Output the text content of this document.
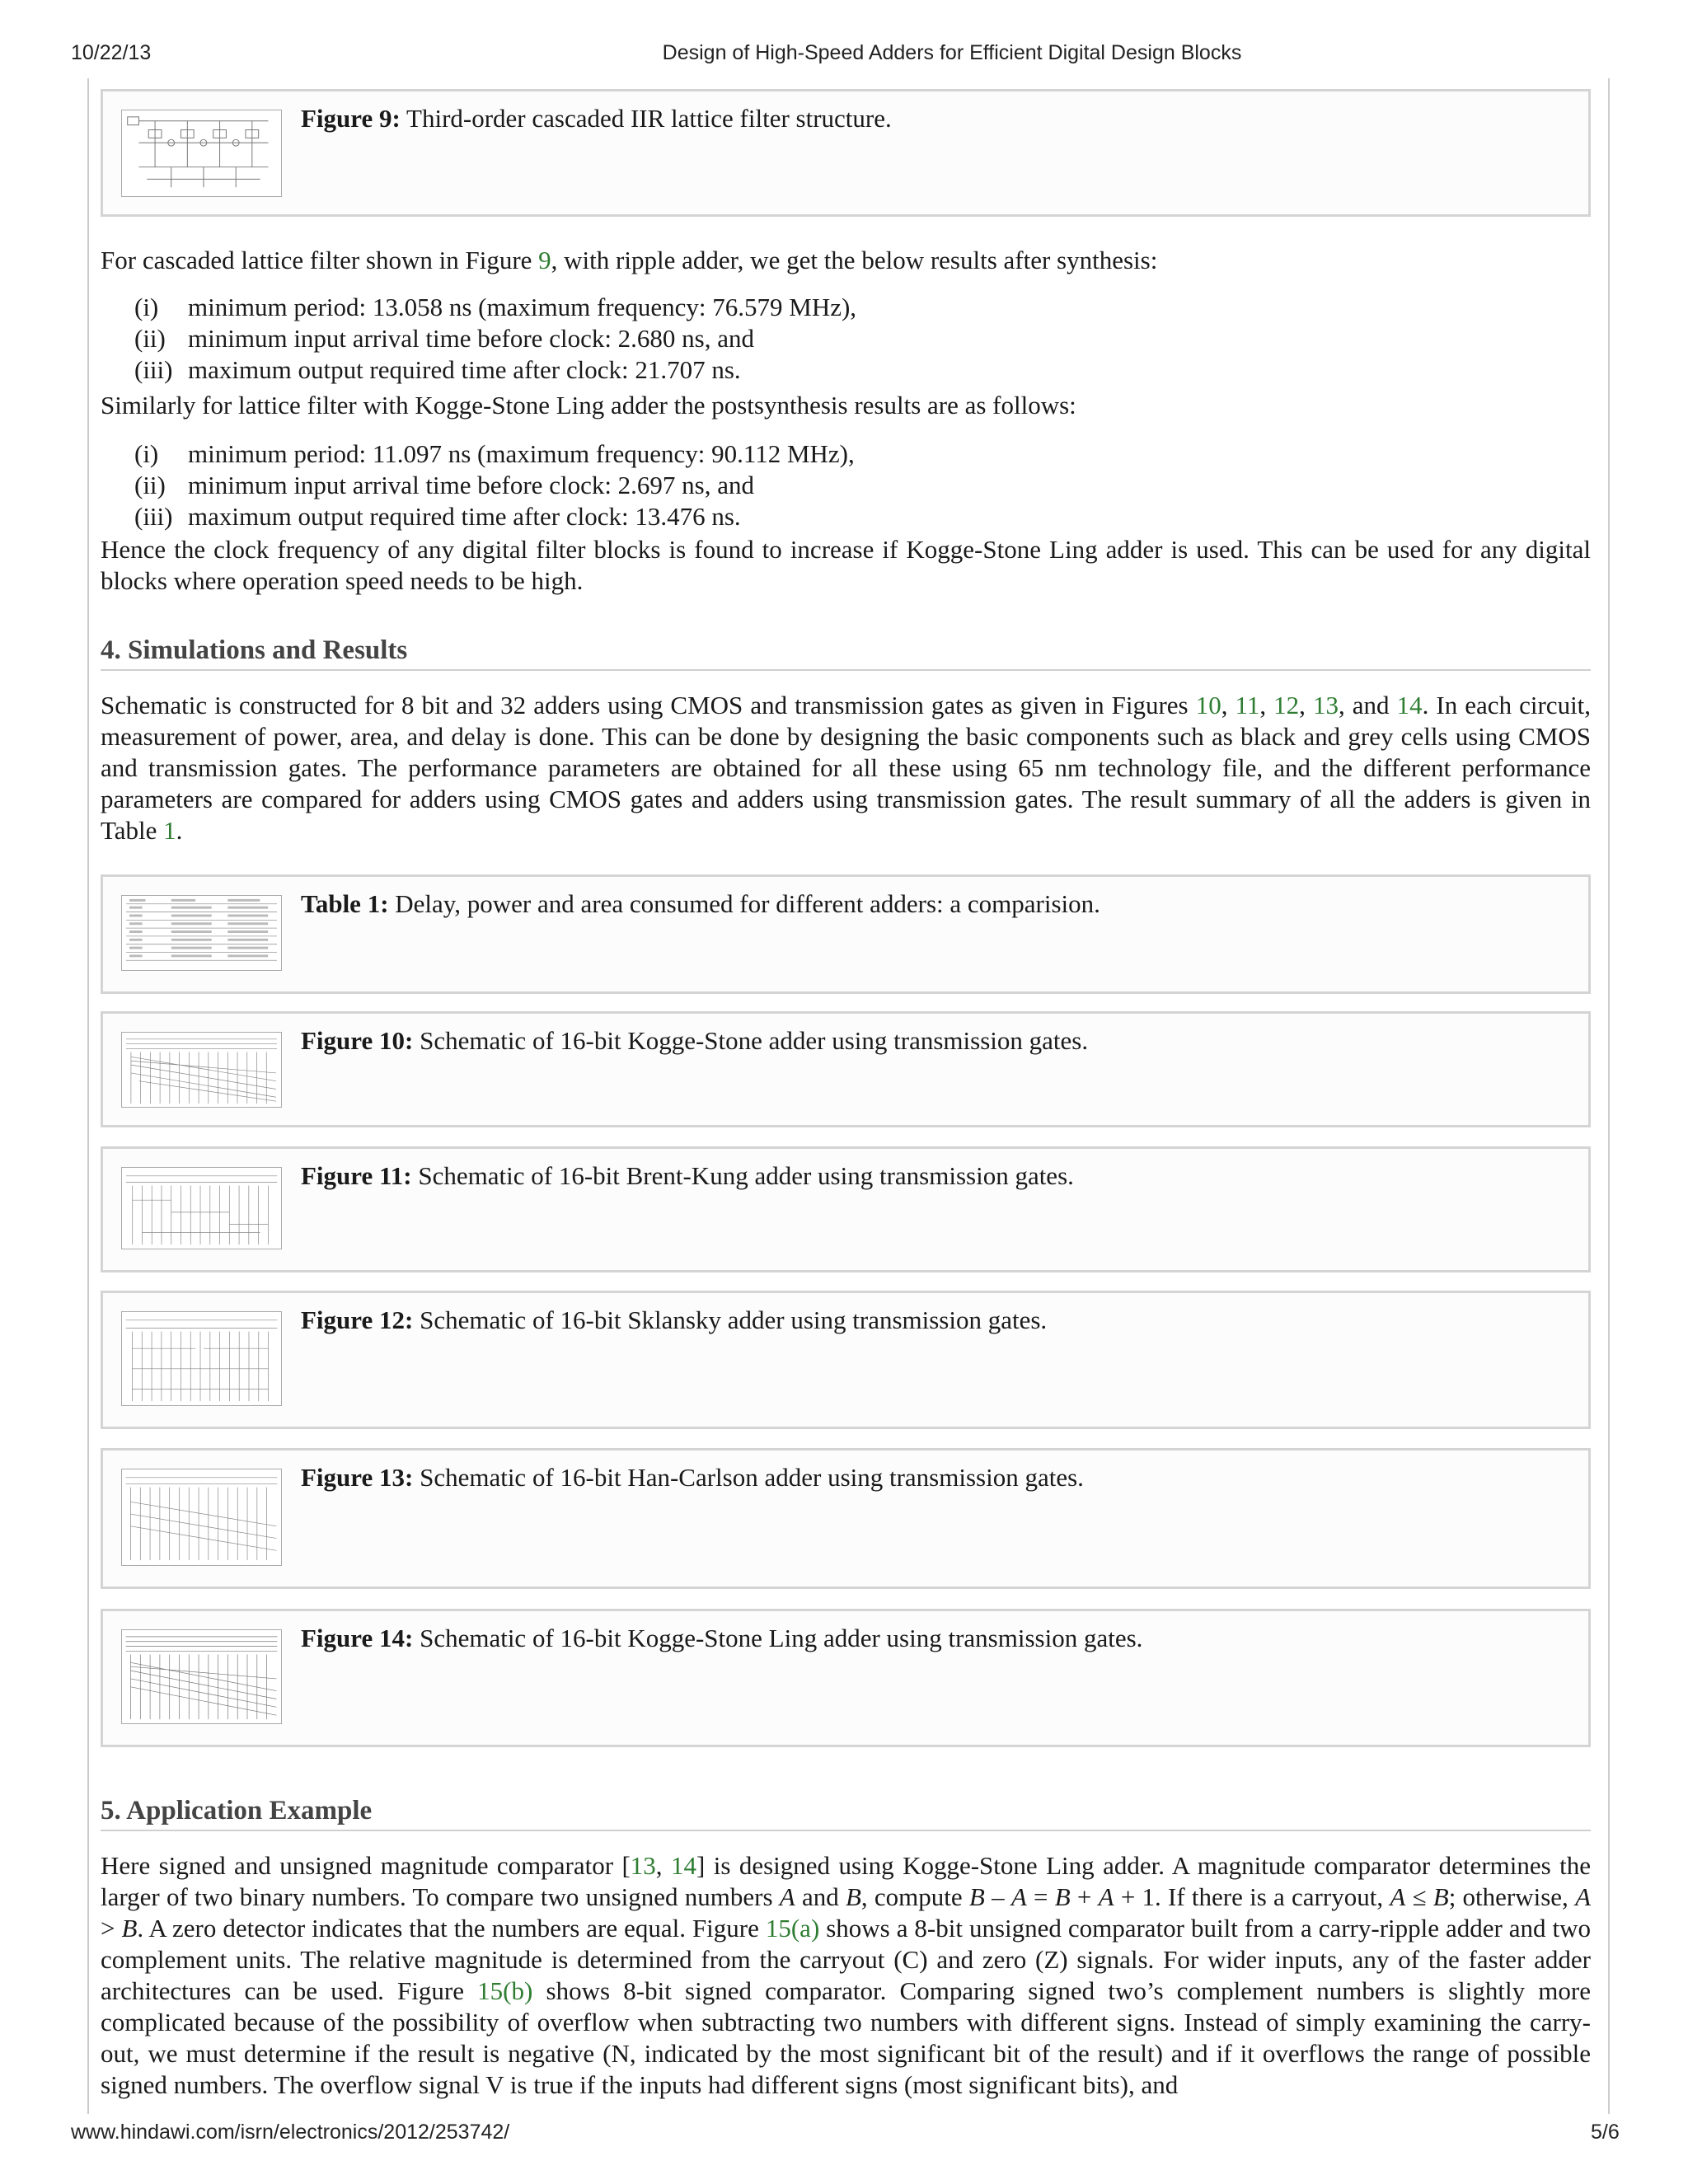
10/22/13	Design of High-Speed Adders for Efficient Digital Design Blocks
www.hindawi.com/isrn/electronics/2012/253742/	5/6
Figure 9: Third-order cascaded IIR lattice filter structure.
For cascaded lattice filter shown in Figure 9, with ripple adder, we get the below results after synthesis:
(i) minimum period: 13.058 ns (maximum frequency: 76.579 MHz),
(ii) minimum input arrival time before clock: 2.680 ns, and
(iii) maximum output required time after clock: 21.707 ns.
Similarly for lattice filter with Kogge-Stone Ling adder the postsynthesis results are as follows:
(i) minimum period: 11.097 ns (maximum frequency: 90.112 MHz),
(ii) minimum input arrival time before clock: 2.697 ns, and
(iii) maximum output required time after clock: 13.476 ns.
Hence the clock frequency of any digital filter blocks is found to increase if Kogge-Stone Ling adder is used. This can be used for any digital blocks where operation speed needs to be high.
4. Simulations and Results
Schematic is constructed for 8 bit and 32 adders using CMOS and transmission gates as given in Figures 10, 11, 12, 13, and 14. In each circuit, measurement of power, area, and delay is done. This can be done by designing the basic components such as black and grey cells using CMOS and transmission gates. The performance parameters are obtained for all these using 65 nm technology file, and the different performance parameters are compared for adders using CMOS gates and adders using transmission gates. The result summary of all the adders is given in Table 1.
Table 1: Delay, power and area consumed for different adders: a comparision.
Figure 10: Schematic of 16-bit Kogge-Stone adder using transmission gates.
Figure 11: Schematic of 16-bit Brent-Kung adder using transmission gates.
Figure 12: Schematic of 16-bit Sklansky adder using transmission gates.
Figure 13: Schematic of 16-bit Han-Carlson adder using transmission gates.
Figure 14: Schematic of 16-bit Kogge-Stone Ling adder using transmission gates.
5. Application Example
Here signed and unsigned magnitude comparator [13, 14] is designed using Kogge-Stone Ling adder. A magnitude comparator determines the larger of two binary numbers. To compare two unsigned numbers A and B, compute B – A = B + A + 1. If there is a carryout, A ≤ B; otherwise, A > B. A zero detector indicates that the numbers are equal. Figure 15(a) shows a 8-bit unsigned comparator built from a carry-ripple adder and two complement units. The relative magnitude is determined from the carryout (C) and zero (Z) signals. For wider inputs, any of the faster adder architectures can be used. Figure 15(b) shows 8-bit signed comparator. Comparing signed two’s complement numbers is slightly more complicated because of the possibility of overflow when subtracting two numbers with different signs. Instead of simply examining the carry-out, we must determine if the result is negative (N, indicated by the most significant bit of the result) and if it overflows the range of possible signed numbers. The overflow signal V is true if the inputs had different signs (most significant bits), and
